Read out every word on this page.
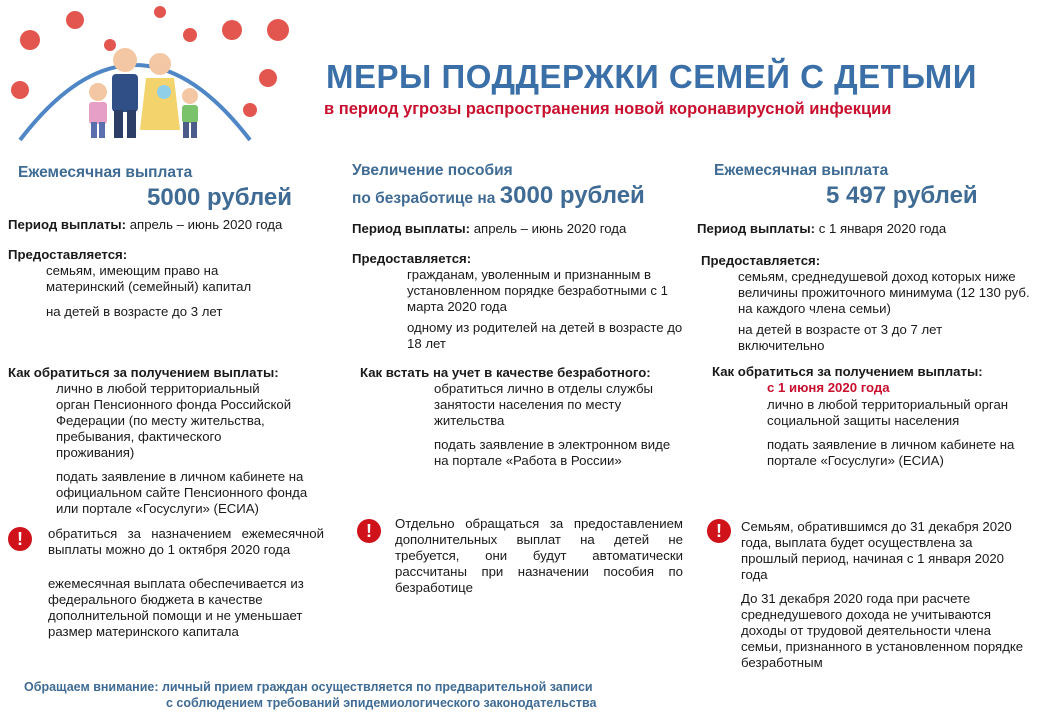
МЕРЫ ПОДДЕРЖКИ СЕМЕЙ С ДЕТЬМИ
в период угрозы распространения новой коронавирусной инфекции
Ежемесячная выплата
5000 рублей
Период выплаты: апрель – июнь 2020 года
Предоставляется:
семьям, имеющим право на материнский (семейный) капитал
на детей в возрасте до 3 лет
Как обратиться за получением выплаты:
лично в любой территориальный орган Пенсионного фонда Российской Федерации (по месту жительства, пребывания, фактического проживания)
подать заявление в личном кабинете на официальном сайте Пенсионного фонда или портале «Госуслуги» (ЕСИА)
!	обратиться за назначением ежемесячной выплаты можно до 1 октября 2020 года
ежемесячная выплата обеспечивается из федерального бюджета в качестве дополнительной помощи и не уменьшает размер материнского капитала
Увеличение пособия
по безработице на 3000 рублей
Период выплаты: апрель – июнь 2020 года
Предоставляется:
гражданам, уволенным и признанным в установленном порядке безработными с 1 марта 2020 года
одному из родителей на детей в возрасте до 18 лет
Как встать на учет в качестве безработного:
обратиться лично в отделы службы занятости населения по месту жительства
подать заявление в электронном виде на портале «Работа в России»
!	Отдельно обращаться за предоставлением дополнительных выплат на детей не требуется, они будут автоматически рассчитаны при назначении пособия по безработице
Ежемесячная выплата
5 497 рублей
Период выплаты: с 1 января 2020 года
Предоставляется:
семьям, среднедушевой доход которых ниже величины прожиточного минимума (12 130 руб. на каждого члена семьи)
на детей в возрасте от 3 до 7 лет включительно
Как обратиться за получением выплаты:
с 1 июня 2020 года
лично в любой территориальный орган социальной защиты населения
подать заявление в личном кабинете на портале «Госуслуги» (ЕСИА)
!	Семьям, обратившимся до 31 декабря 2020 года, выплата будет осуществлена за прошлый период, начиная с 1 января 2020 года
До 31 декабря 2020 года при расчете среднедушевого дохода не учитываются доходы от трудовой деятельности члена семьи, признанного в установленном порядке безработным
Обращаем внимание: личный прием граждан осуществляется по предварительной записи
с соблюдением требований эпидемиологического законодательства
